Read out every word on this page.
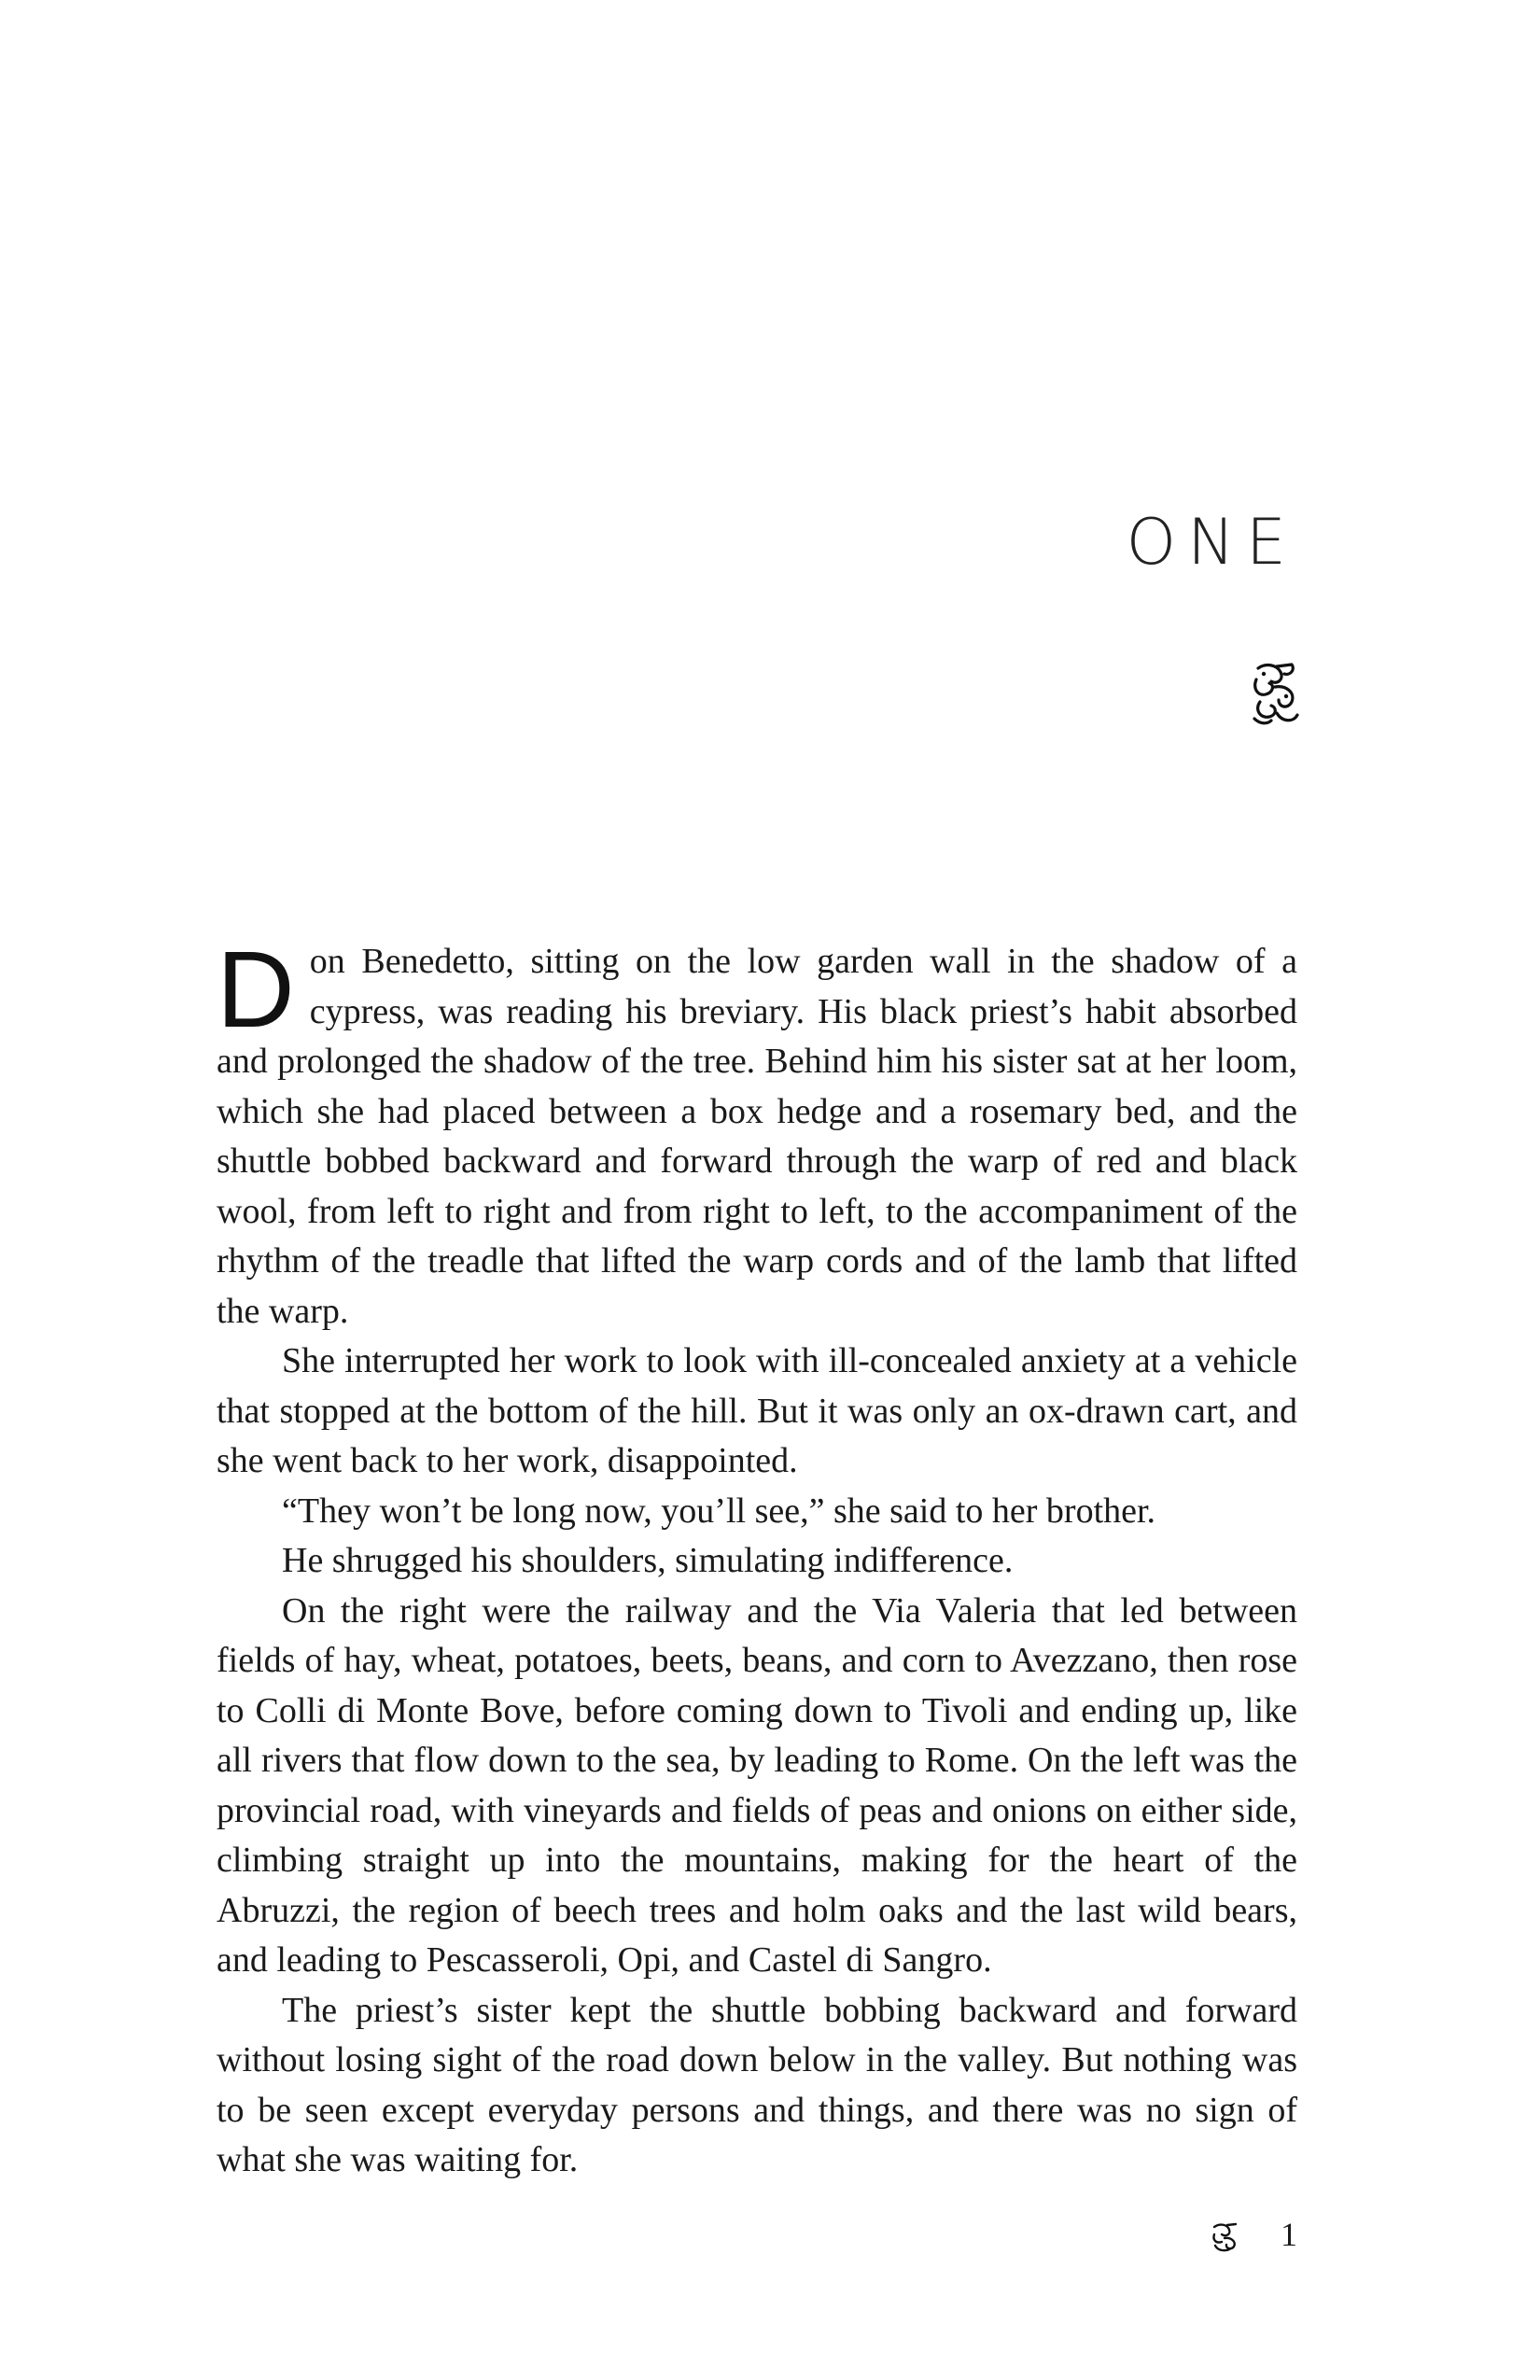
ONE

Don Benedetto, sitting on the low garden wall in the shadow of a cypress, was reading his breviary. His black priest’s habit absorbed and prolonged the shadow of the tree. Behind him his sister sat at her loom, which she had placed between a box hedge and a rosemary bed, and the shuttle bobbed backward and forward through the warp of red and black wool, from left to right and from right to left, to the accompaniment of the rhythm of the treadle that lifted the warp cords and of the lamb that lifted the warp.

She interrupted her work to look with ill-concealed anxiety at a vehicle that stopped at the bottom of the hill. But it was only an ox-drawn cart, and she went back to her work, disappointed.

“They won’t be long now, you’ll see,” she said to her brother.

He shrugged his shoulders, simulating indifference.

On the right were the railway and the Via Valeria that led between fields of hay, wheat, potatoes, beets, beans, and corn to Avezzano, then rose to Colli di Monte Bove, before coming down to Tivoli and ending up, like all rivers that flow down to the sea, by leading to Rome. On the left was the provincial road, with vineyards and fields of peas and onions on either side, climbing straight up into the mountains, making for the heart of the Abruzzi, the region of beech trees and holm oaks and the last wild bears, and leading to Pescasseroli, Opi, and Castel di Sangro.

The priest’s sister kept the shuttle bobbing backward and forward without losing sight of the road down below in the valley. But nothing was to be seen except everyday persons and things, and there was no sign of what she was waiting for.

1
